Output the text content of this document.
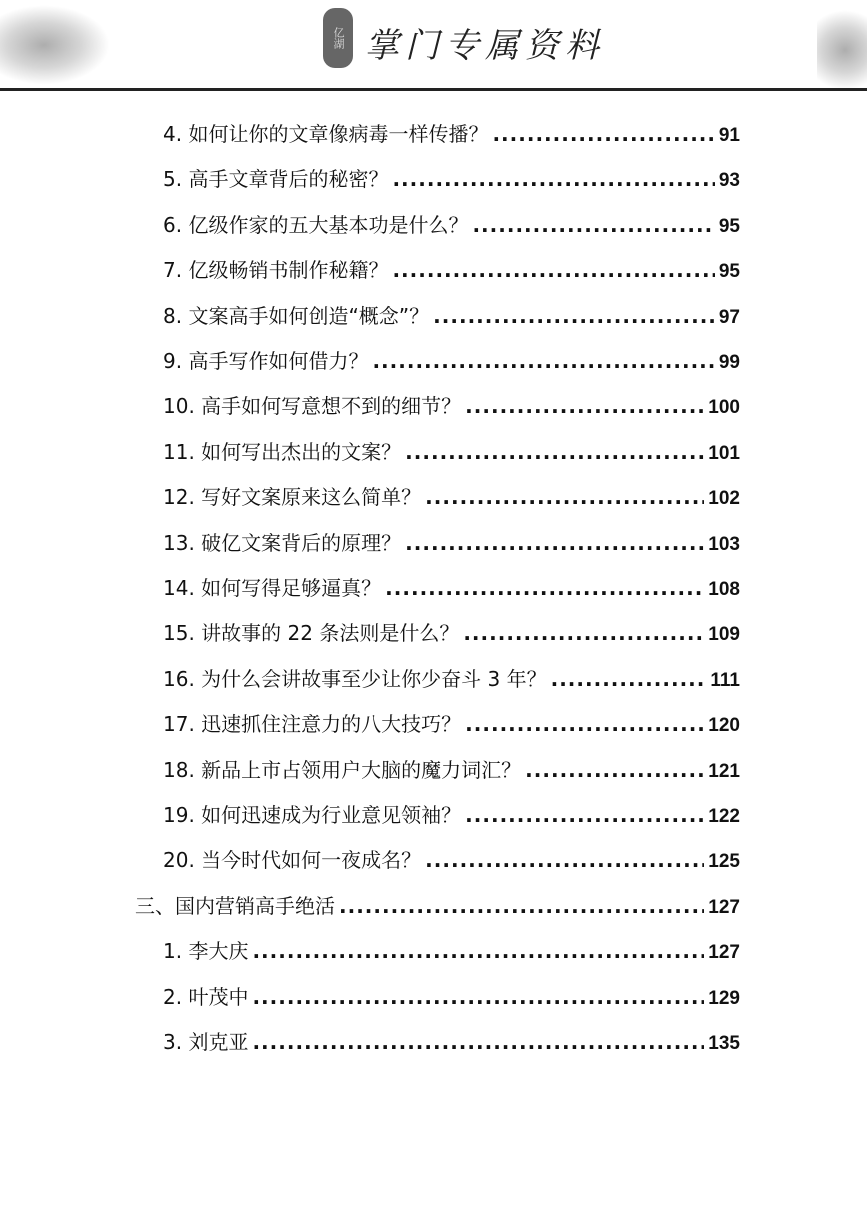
亿湖 掌门专属资料
4. 如何让你的文章像病毒一样传播？ .....	91
5. 高手文章背后的秘密？ .....	93
6. 亿级作家的五大基本功是什么？ .....	95
7. 亿级畅销书制作秘籍？ .....	95
8. 文案高手如何创造“概念”？ .....	97
9. 高手写作如何借力？ .....	99
10. 高手如何写意想不到的细节？ .....	100
11. 如何写出杰出的文案？ .....	101
12. 写好文案原来这么简单？ .....	102
13. 破亿文案背后的原理？ .....	103
14. 如何写得足够逼真？ .....	108
15. 讲故事的 22 条法则是什么？ .....	109
16. 为什么会讲故事至少让你少奋斗 3 年？ .....	111
17. 迅速抓住注意力的八大技巧？ .....	120
18. 新品上市占领用户大脑的魔力词汇？ .....	121
19. 如何迅速成为行业意见领袖？ .....	122
20. 当今时代如何一夜成名？ .....	125
三、国内营销高手绝活 .....	127
1. 李大庆 .....	127
2. 叶茂中 .....	129
3. 刘克亚 .....	135
